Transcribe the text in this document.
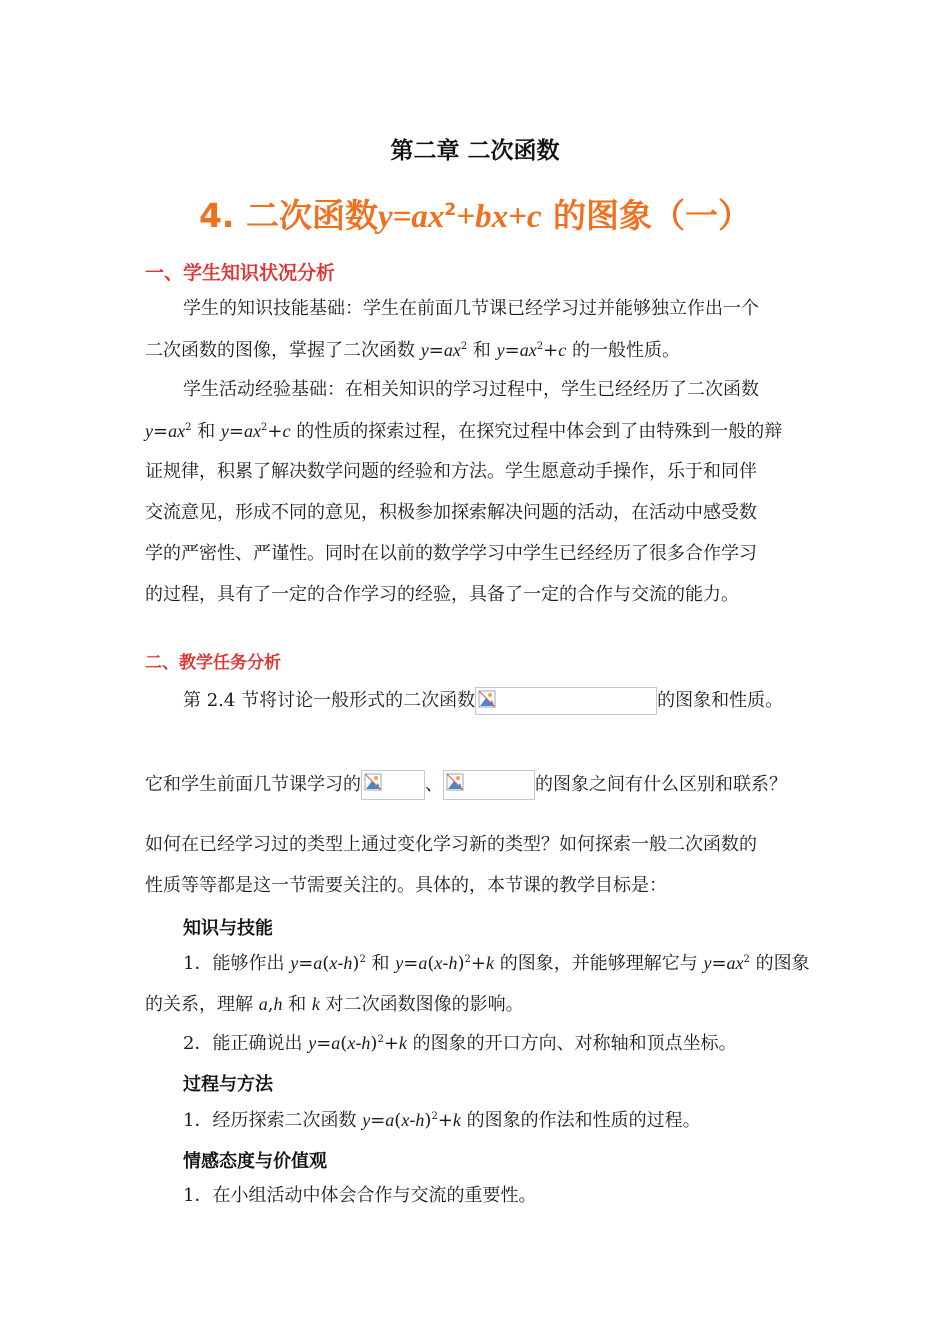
第二章 二次函数
4. 二次函数$y=ax^2+bx+c$ 的图象（一）
一、学生知识状况分析
学生的知识技能基础：学生在前面几节课已经学习过并能够独立作出一个
二次函数的图像，掌握了二次函数 $y=ax^2$ 和 $y=ax^2+c$ 的一般性质。
学生活动经验基础：在相关知识的学习过程中，学生已经经历了二次函数
$y=ax^2$ 和 $y=ax^2+c$ 的性质的探索过程，在探究过程中体会到了由特殊到一般的辩
证规律，积累了解决数学问题的经验和方法。学生愿意动手操作，乐于和同伴
交流意见，形成不同的意见，积极参加探索解决问题的活动，在活动中感受数
学的严密性、严谨性。同时在以前的数学学习中学生已经经历了很多合作学习
的过程，具有了一定的合作学习的经验，具备了一定的合作与交流的能力。
二、教学任务分析
第 2.4 节将讨论一般形式的二次函数	的图象和性质。
它和学生前面几节课学习的	、	的图象之间有什么区别和联系？
如何在已经学习过的类型上通过变化学习新的类型？如何探索一般二次函数的
性质等等都是这一节需要关注的。具体的，本节课的教学目标是：
知识与技能
1．能够作出 $y=a(x-h)^2$ 和 $y=a(x-h)^2+k$ 的图象，并能够理解它与 $y=ax^2$ 的图象
的关系，理解 a,h 和 k 对二次函数图像的影响。
2．能正确说出 $y=a(x-h)^2+k$ 的图象的开口方向、对称轴和顶点坐标。
过程与方法
1．经历探索二次函数 $y=a(x-h)^2+k$ 的图象的作法和性质的过程。
情感态度与价值观
1．在小组活动中体会合作与交流的重要性。
